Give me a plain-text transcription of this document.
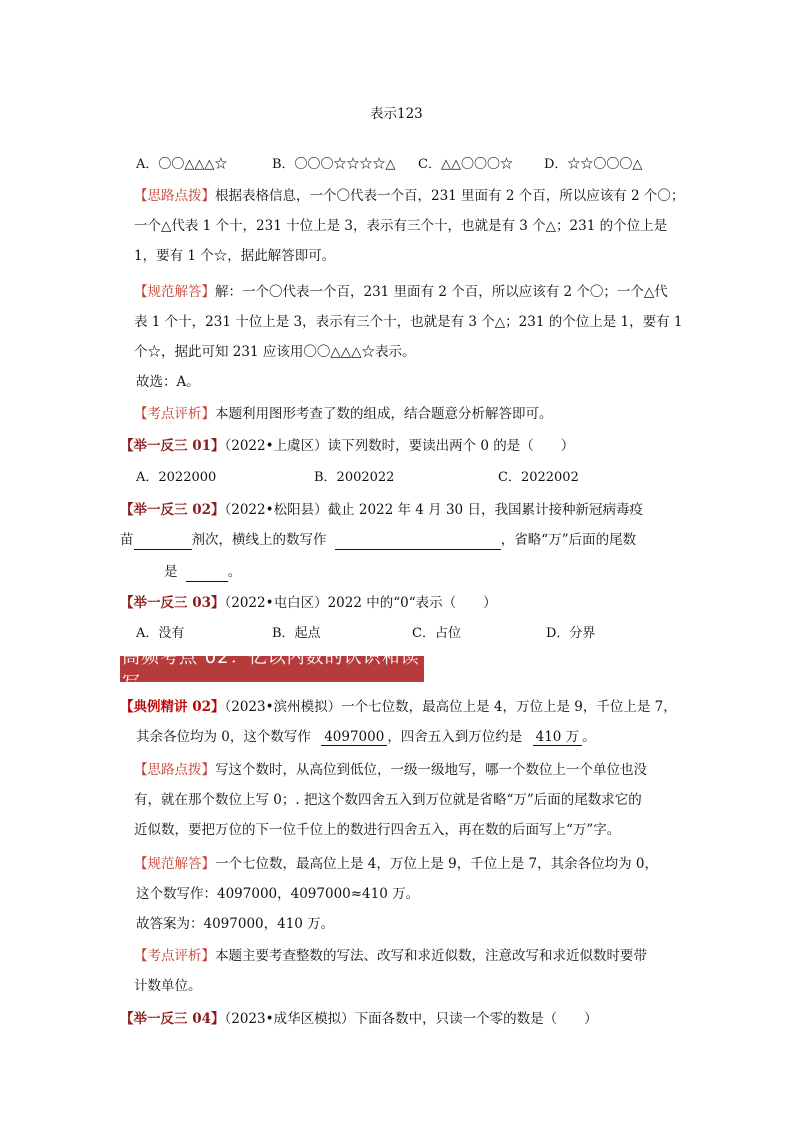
表示123
A．〇〇△△△☆	B．〇〇〇☆☆☆☆△ C．△△〇〇〇☆ D．☆☆〇〇〇△
【思路点拨】根据表格信息，一个〇代表一个百，231 里面有 2 个百，所以应该有 2 个〇；
一个△代表 1 个十，231 十位上是 3，表示有三个十，也就是有 3 个△；231 的个位上是
1，要有 1 个☆，据此解答即可。
【规范解答】解：一个〇代表一个百，231 里面有 2 个百，所以应该有 2 个〇；一个△代
表 1 个十，231 十位上是 3，表示有三个十，也就是有 3 个△；231 的个位上是 1，要有 1
个☆，据此可知 231 应该用〇〇△△△☆表示。
故选：A。
【考点评析】本题利用图形考查了数的组成，结合题意分析解答即可。
【举一反三 01】（2022•上虞区）读下列数时，要读出两个 0 的是（　　）
A．2022000	B．2002022	C．2022002
【举一反三 02】（2022•松阳县）截止 2022 年 4 月 30 日，我国累计接种新冠病毒疫
苗	剂次，横线上的数写作	，省略“万”后面的尾数
是	。
【举一反三 03】（2022•屯白区）2022 中的“0“表示（　　）
A．没有	B．起点	C．占位	D．分界
高频考点 02：亿以内数的认识和读写
【典例精讲 02】（2023•滨州模拟）一个七位数，最高位上是 4，万位上是 9，千位上是 7，
其余各位均为 0，这个数写作 4097000 ，四舍五入到万位约是 410 万 。
【思路点拨】写这个数时，从高位到低位，一级一级地写，哪一个数位上一个单位也没
有，就在那个数位上写 0；. 把这个数四舍五入到万位就是省略“万”后面的尾数求它的
近似数，要把万位的下一位千位上的数进行四舍五入，再在数的后面写上“万”字。
【规范解答】一个七位数，最高位上是 4，万位上是 9，千位上是 7，其余各位均为 0，
这个数写作：4097000，4097000≈410 万。
故答案为：4097000，410 万。
【考点评析】本题主要考查整数的写法、改写和求近似数，注意改写和求近似数时要带
计数单位。
【举一反三 04】（2023•成华区模拟）下面各数中，只读一个零的数是（　　）
